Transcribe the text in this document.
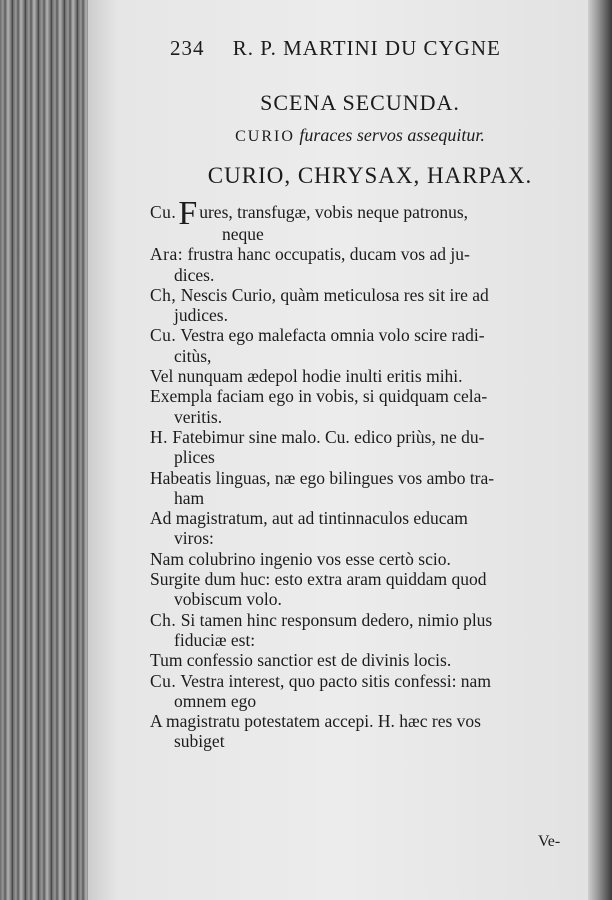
234 R. P. MARTINI DU CYGNE
SCENA SECUNDA.
CURIO furaces servos assequitur.
CURIO, CHRYSAX, HARPAX.
Cu.F ures, transfugæ, vobis neque patronus,
neque
Ara: frustra hanc occupatis, ducam vos ad ju-
dices.
Ch, Nescis Curio, quàm meticulosa res sit ire ad
judices.
Cu. Vestra ego malefacta omnia volo scire radi-
citùs,
Vel nunquam ædepol hodie inulti eritis mihi.
Exempla faciam ego in vobis, si quidquam cela-
veritis.
H. Fatebimur sine malo. Cu. edico priùs, ne du-
plices
Habeatis linguas, næ ego bilingues vos ambo tra-
ham
Ad magistratum, aut ad tintinnaculos educam
viros:
Nam colubrino ingenio vos esse certò scio.
Surgite dum huc: esto extra aram quiddam quod
vobiscum volo.
Ch. Si tamen hinc responsum dedero, nimio plus
fiduciæ est:
Tum confessio sanctior est de divinis locis.
Cu. Vestra interest, quo pacto sitis confessi: nam
omnem ego
A magistratu potestatem accepi. H. hæc res vos
subiget
Ve-
